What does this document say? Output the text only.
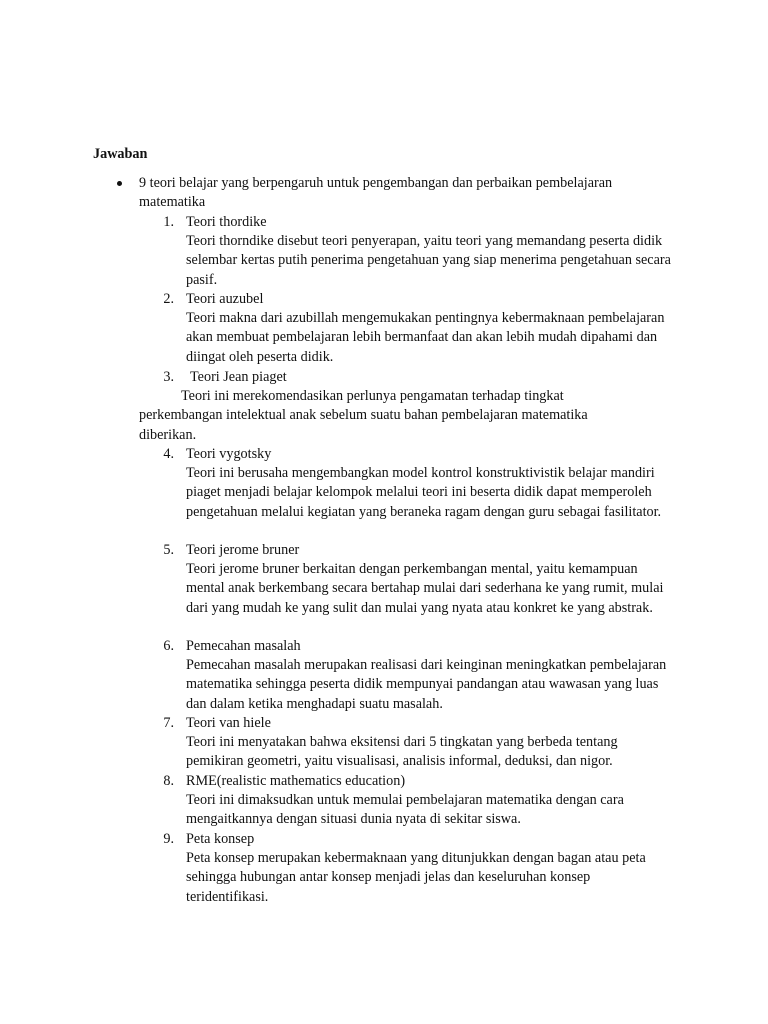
Jawaban
9 teori belajar yang berpengaruh untuk pengembangan dan perbaikan pembelajaran matematika
1. Teori thordike
Teori thorndike disebut teori penyerapan, yaitu teori yang memandang peserta didik selembar kertas putih penerima pengetahuan yang siap menerima pengetahuan secara pasif.
2. Teori auzubel
Teori makna dari azubillah mengemukakan pentingnya kebermaknaan pembelajaran akan membuat pembelajaran lebih bermanfaat dan akan lebih mudah dipahami dan diingat oleh peserta didik.
3. Teori Jean piaget
Teori ini merekomendasikan perlunya pengamatan terhadap tingkat perkembangan intelektual anak sebelum suatu bahan pembelajaran matematika diberikan.
4. Teori vygotsky
Teori ini berusaha mengembangkan model kontrol konstruktivistik belajar mandiri piaget menjadi belajar kelompok melalui teori ini beserta didik dapat memperoleh pengetahuan melalui kegiatan yang beraneka ragam dengan guru sebagai fasilitator.
5. Teori jerome bruner
Teori jerome bruner berkaitan dengan perkembangan mental, yaitu kemampuan mental anak berkembang secara bertahap mulai dari sederhana ke yang rumit, mulai dari yang mudah ke yang sulit dan mulai yang nyata atau konkret ke yang abstrak.
6. Pemecahan masalah
Pemecahan masalah merupakan realisasi dari keinginan meningkatkan pembelajaran matematika sehingga peserta didik mempunyai pandangan atau wawasan yang luas dan dalam ketika menghadapi suatu masalah.
7. Teori van hiele
Teori ini menyatakan bahwa eksitensi dari 5 tingkatan yang berbeda tentang pemikiran geometri, yaitu visualisasi, analisis informal, deduksi, dan nigor.
8. RME(realistic mathematics education)
Teori ini dimaksudkan untuk memulai pembelajaran matematika dengan cara mengaitkannya dengan situasi dunia nyata di sekitar siswa.
9. Peta konsep
Peta konsep merupakan kebermaknaan yang ditunjukkan dengan bagan atau peta sehingga hubungan antar konsep menjadi jelas dan keseluruhan konsep teridentifikasi.
